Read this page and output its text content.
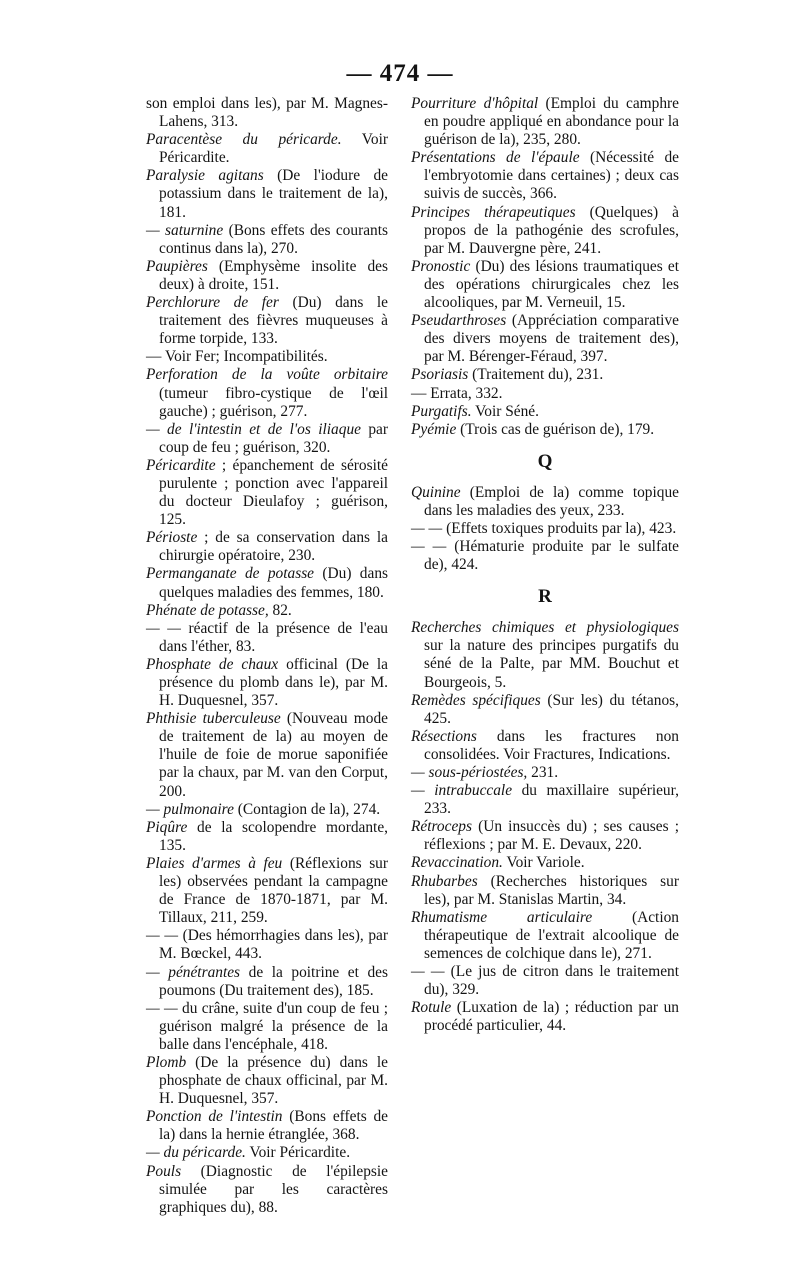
— 474 —
son emploi dans les), par M. Magnes-Lahens, 313.
Paracentèse du péricarde. Voir Péricardite.
Paralysie agitans (De l'iodure de potassium dans le traitement de la), 181.
— saturnine (Bons effets des courants continus dans la), 270.
Paupières (Emphysème insolite des deux) à droite, 151.
Perchlorure de fer (Du) dans le traitement des fièvres muqueuses à forme torpide, 133.
— Voir Fer; Incompatibilités.
Perforation de la voûte orbitaire (tumeur fibro-cystique de l'œil gauche) ; guérison, 277.
— de l'intestin et de l'os iliaque par coup de feu ; guérison, 320.
Péricardite ; épanchement de sérosité purulente ; ponction avec l'appareil du docteur Dieulafoy ; guérison, 125.
Périoste ; de sa conservation dans la chirurgie opératoire, 230.
Permanganate de potasse (Du) dans quelques maladies des femmes, 180.
Phénate de potasse, 82.
— — réactif de la présence de l'eau dans l'éther, 83.
Phosphate de chaux officinal (De la présence du plomb dans le), par M. H. Duquesnel, 357.
Phthisie tuberculeuse (Nouveau mode de traitement de la) au moyen de l'huile de foie de morue saponifiée par la chaux, par M. van den Corput, 200.
— pulmonaire (Contagion de la), 274.
Piqûre de la scolopendre mordante, 135.
Plaies d'armes à feu (Réflexions sur les) observées pendant la campagne de France de 1870-1871, par M. Tillaux, 211, 259.
— — (Des hémorrhagies dans les), par M. Bœckel, 443.
— pénétrantes de la poitrine et des poumons (Du traitement des), 185.
— — du crâne, suite d'un coup de feu ; guérison malgré la présence de la balle dans l'encéphale, 418.
Plomb (De la présence du) dans le phosphate de chaux officinal, par M. H. Duquesnel, 357.
Ponction de l'intestin (Bons effets de la) dans la hernie étranglée, 368.
— du péricarde. Voir Péricardite.
Pouls (Diagnostic de l'épilepsie simulée par les caractères graphiques du), 88.
Pourriture d'hôpital (Emploi du camphre en poudre appliqué en abondance pour la guérison de la), 235, 280.
Présentations de l'épaule (Nécessité de l'embryotomie dans certaines) ; deux cas suivis de succès, 366.
Principes thérapeutiques (Quelques) à propos de la pathogénie des scrofules, par M. Dauvergne père, 241.
Pronostic (Du) des lésions traumatiques et des opérations chirurgicales chez les alcooliques, par M. Verneuil, 15.
Pseudarthroses (Appréciation comparative des divers moyens de traitement des), par M. Bérenger-Féraud, 397.
Psoriasis (Traitement du), 231.
— Errata, 332.
Purgatifs. Voir Séné.
Pyémie (Trois cas de guérison de), 179.
Q
Quinine (Emploi de la) comme topique dans les maladies des yeux, 233.
— — (Effets toxiques produits par la), 423.
— — (Hématurie produite par le sulfate de), 424.
R
Recherches chimiques et physiologiques sur la nature des principes purgatifs du séné de la Palte, par MM. Bouchut et Bourgeois, 5.
Remèdes spécifiques (Sur les) du tétanos, 425.
Résections dans les fractures non consolidées. Voir Fractures, Indications.
— sous-périostées, 231.
— intrabuccale du maxillaire supérieur, 233.
Rétroceps (Un insuccès du) ; ses causes ; réflexions ; par M. E. Devaux, 220.
Revaccination. Voir Variole.
Rhubarbes (Recherches historiques sur les), par M. Stanislas Martin, 34.
Rhumatisme articulaire (Action thérapeutique de l'extrait alcoolique de semences de colchique dans le), 271.
— — (Le jus de citron dans le traitement du), 329.
Rotule (Luxation de la) ; réduction par un procédé particulier, 44.
